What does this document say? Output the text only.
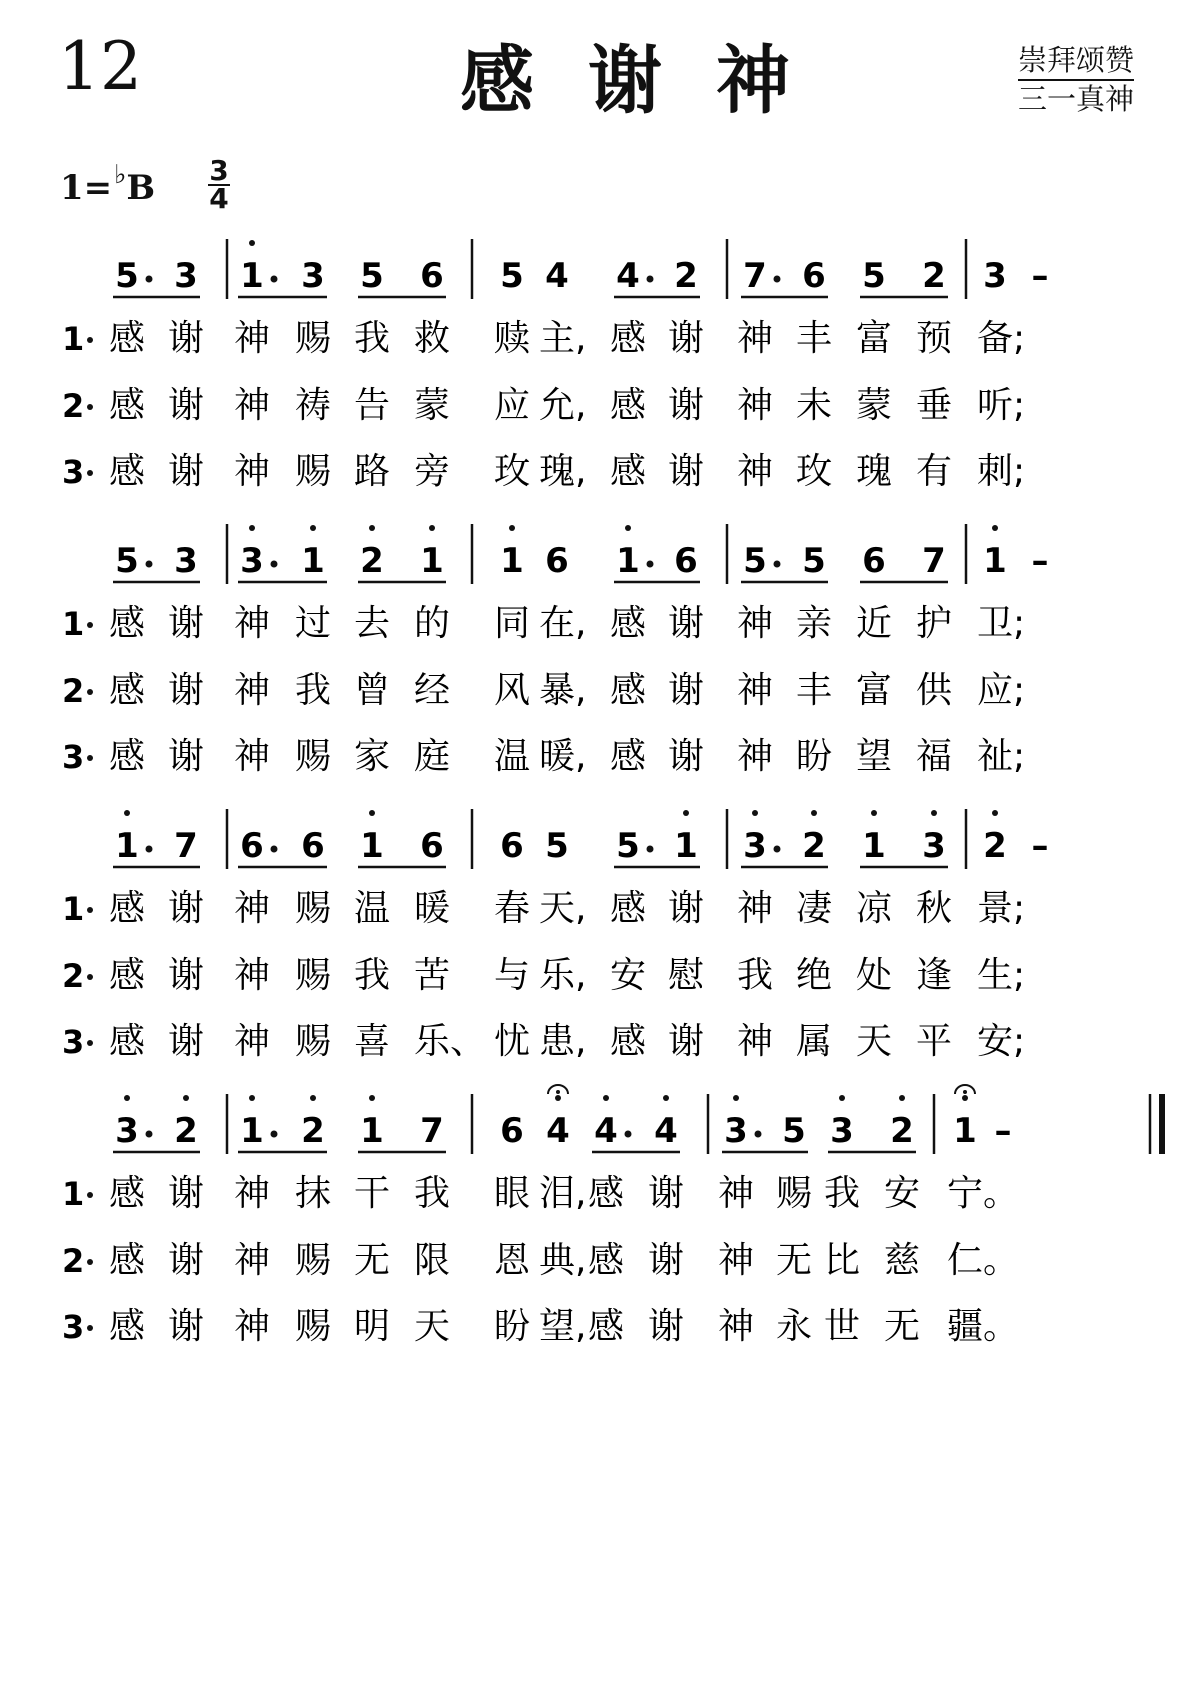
12	感谢神	崇拜颂赞
三一真神
$1=^♭B \frac{3}{4}$
5 3 1 3 5 6 5 4 4 2 7 6 5 2 3 –
1 感 谢 神 赐 我 救 赎 主, 感 谢 神 丰 富 预 备;
2 感 谢 神 祷 告 蒙 应 允, 感 谢 神 未 蒙 垂 听;
3 感 谢 神 赐 路 旁 玫 瑰, 感 谢 神 玫 瑰 有 刺;
5 3 3 1 2 1 1 6 1 6 5 5 6 7 1 –
1 感 谢 神 过 去 的 同 在, 感 谢 神 亲 近 护 卫;
2 感 谢 神 我 曾 经 风 暴, 感 谢 神 丰 富 供 应;
3 感 谢 神 赐 家 庭 温 暖, 感 谢 神 盼 望 福 祉;
1 7 6 6 1 6 6 5 5 1 3 2 1 3 2 –
1 感 谢 神 赐 温 暖 春 天, 感 谢 神 凄 凉 秋 景;
2 感 谢 神 赐 我 苦 与 乐, 安 慰 我 绝 处 逢 生;
3 感 谢 神 赐 喜 乐、 忧 患, 感 谢 神 属 天 平 安;
3 2 1 2 1 7 6 4 4 4 3 5 3 2 1 –
1 感 谢 神 抹 干 我 眼 泪, 感 谢 神 赐 我 安 宁。
2 感 谢 神 赐 无 限 恩 典, 感 谢 神 无 比 慈 仁。
3 感 谢 神 赐 明 天 盼 望, 感 谢 神 永 世 无 疆。
